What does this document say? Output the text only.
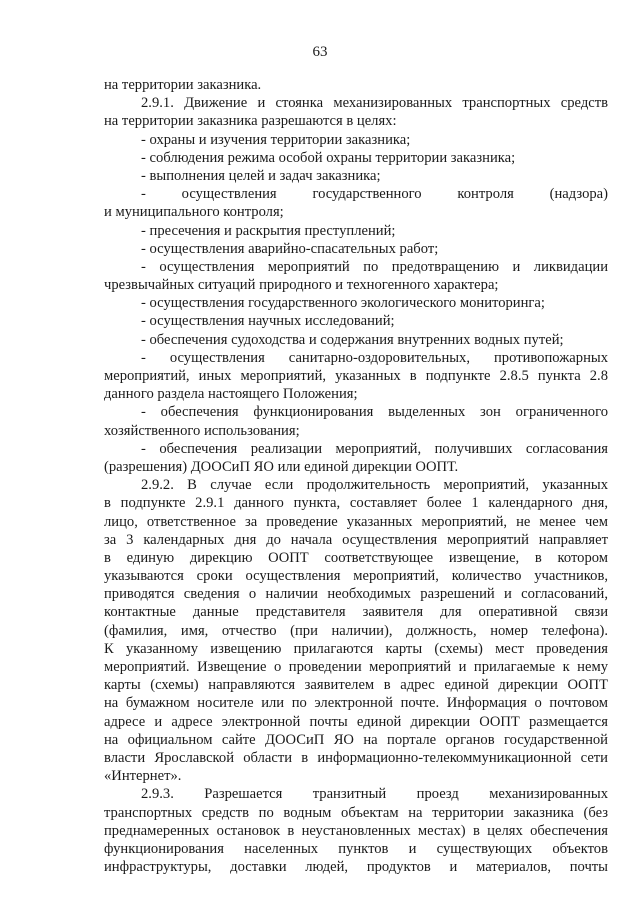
63
на территории заказника.
2.9.1. Движение и стоянка механизированных транспортных средств
на территории заказника разрешаются в целях:
- охраны и изучения территории заказника;
- соблюдения режима особой охраны территории заказника;
- выполнения целей и задач заказника;
- осуществления государственного контроля (надзора)
и муниципального контроля;
- пресечения и раскрытия преступлений;
- осуществления аварийно-спасательных работ;
- осуществления мероприятий по предотвращению и ликвидации
чрезвычайных ситуаций природного и техногенного характера;
- осуществления государственного экологического мониторинга;
- осуществления научных исследований;
- обеспечения судоходства и содержания внутренних водных путей;
- осуществления санитарно-оздоровительных, противопожарных
мероприятий, иных мероприятий, указанных в подпункте 2.8.5 пункта 2.8
данного раздела настоящего Положения;
- обеспечения функционирования выделенных зон ограниченного
хозяйственного использования;
- обеспечения реализации мероприятий, получивших согласования
(разрешения) ДООСиП ЯО или единой дирекции ООПТ.
2.9.2. В случае если продолжительность мероприятий, указанных
в подпункте 2.9.1 данного пункта, составляет более 1 календарного дня,
лицо, ответственное за проведение указанных мероприятий, не менее чем
за 3 календарных дня до начала осуществления мероприятий направляет
в единую дирекцию ООПТ соответствующее извещение, в котором
указываются сроки осуществления мероприятий, количество участников,
приводятся сведения о наличии необходимых разрешений и согласований,
контактные данные представителя заявителя для оперативной связи
(фамилия, имя, отчество (при наличии), должность, номер телефона).
К указанному извещению прилагаются карты (схемы) мест проведения
мероприятий. Извещение о проведении мероприятий и прилагаемые к нему
карты (схемы) направляются заявителем в адрес единой дирекции ООПТ
на бумажном носителе или по электронной почте. Информация о почтовом
адресе и адресе электронной почты единой дирекции ООПТ размещается
на официальном сайте ДООСиП ЯО на портале органов государственной
власти Ярославской области в информационно-телекоммуникационной сети
«Интернет».
2.9.3. Разрешается транзитный проезд механизированных
транспортных средств по водным объектам на территории заказника (без
преднамеренных остановок в неустановленных местах) в целях обеспечения
функционирования населенных пунктов и существующих объектов
инфраструктуры, доставки людей, продуктов и материалов, почты
